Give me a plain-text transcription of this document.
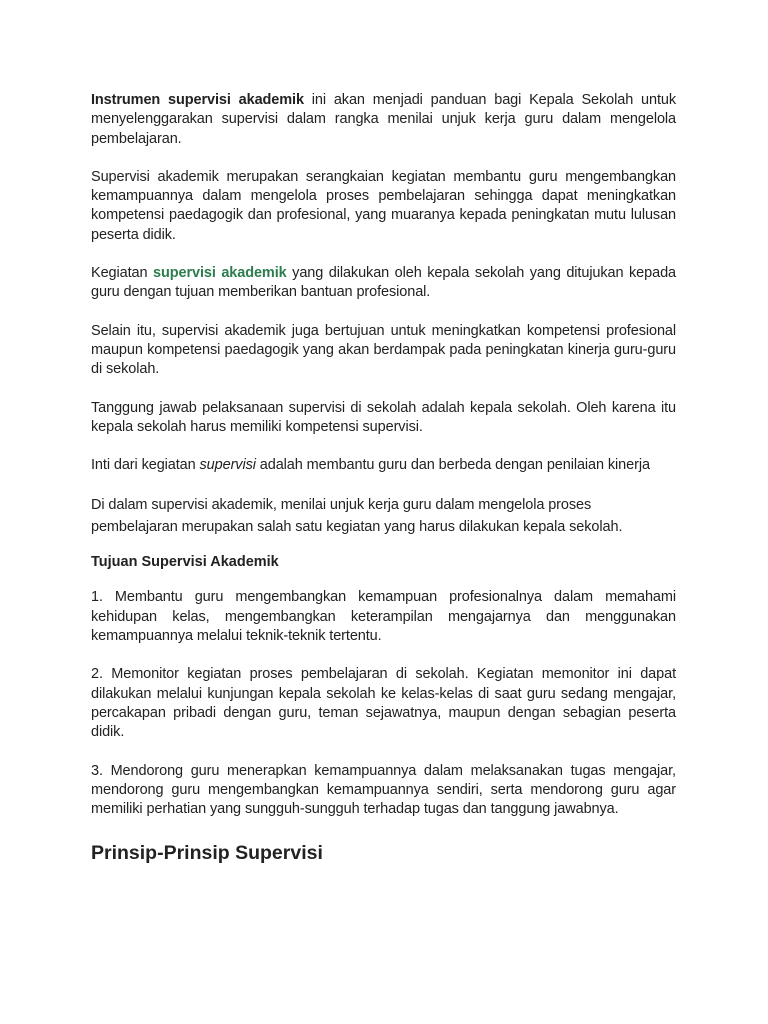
Instrumen supervisi akademik ini akan menjadi panduan bagi Kepala Sekolah untuk menyelenggarakan supervisi dalam rangka menilai unjuk kerja guru dalam mengelola pembelajaran.

Supervisi akademik merupakan serangkaian kegiatan membantu guru mengembangkan kemampuannya dalam mengelola proses pembelajaran sehingga dapat meningkatkan kompetensi paedagogik dan profesional, yang muaranya kepada peningkatan mutu lulusan peserta didik.

Kegiatan supervisi akademik yang dilakukan oleh kepala sekolah yang ditujukan kepada guru dengan tujuan memberikan bantuan profesional.

Selain itu, supervisi akademik juga bertujuan untuk meningkatkan kompetensi profesional maupun kompetensi paedagogik yang akan berdampak pada peningkatan kinerja guru-guru di sekolah.

Tanggung jawab pelaksanaan supervisi di sekolah adalah kepala sekolah. Oleh karena itu kepala sekolah harus memiliki kompetensi supervisi.

Inti dari kegiatan supervisi adalah membantu guru dan berbeda dengan penilaian kinerja

Di dalam supervisi akademik, menilai unjuk kerja guru dalam mengelola proses pembelajaran merupakan salah satu kegiatan yang harus dilakukan kepala sekolah.

Tujuan Supervisi Akademik

1. Membantu guru mengembangkan kemampuan profesionalnya dalam memahami kehidupan kelas, mengembangkan keterampilan mengajarnya dan menggunakan kemampuannya melalui teknik-teknik tertentu.

2. Memonitor kegiatan proses pembelajaran di sekolah. Kegiatan memonitor ini dapat dilakukan melalui kunjungan kepala sekolah ke kelas-kelas di saat guru sedang mengajar, percakapan pribadi dengan guru, teman sejawatnya, maupun dengan sebagian peserta didik.

3. Mendorong guru menerapkan kemampuannya dalam melaksanakan tugas mengajar, mendorong guru mengembangkan kemampuannya sendiri, serta mendorong guru agar memiliki perhatian yang sungguh-sungguh terhadap tugas dan tanggung jawabnya.

Prinsip-Prinsip Supervisi
